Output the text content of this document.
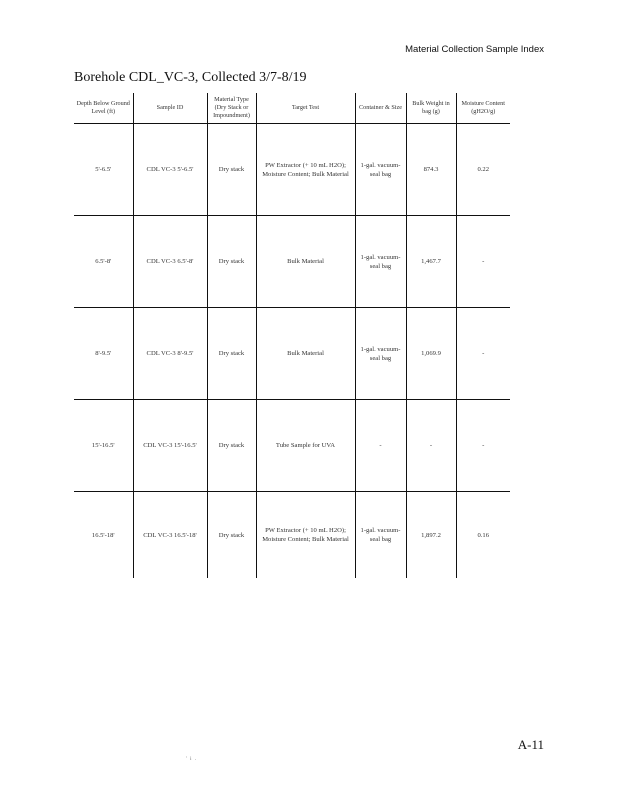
Material Collection Sample Index
Borehole CDL_VC-3, Collected 3/7-8/19
Depth Below Ground Level (ft)	Sample ID	Material Type (Dry Stack or Impoundment)	Target Test	Container & Size	Bulk Weight in bag (g)	Moisture Content (gH2O/g)
5'-6.5'	CDL VC-3 5'-6.5'	Dry stack	PW Extractor (+ 10 mL H2O); Moisture Content; Bulk Material	1-gal. vacuum-seal bag	874.3	0.22
6.5'-8'	CDL VC-3 6.5'-8'	Dry stack	Bulk Material	1-gal. vacuum-seal bag	1,467.7	-
8'-9.5'	CDL VC-3 8'-9.5'	Dry stack	Bulk Material	1-gal. vacuum-seal bag	1,069.9	-
15'-16.5'	CDL VC-3 15'-16.5'	Dry stack	Tube Sample for UVA	-	-	-
16.5'-18'	CDL VC-3 16.5'-18'	Dry stack	PW Extractor (+ 10 mL H2O); Moisture Content; Bulk Material	1-gal. vacuum-seal bag	1,897.2	0.16
A-11
' i .
